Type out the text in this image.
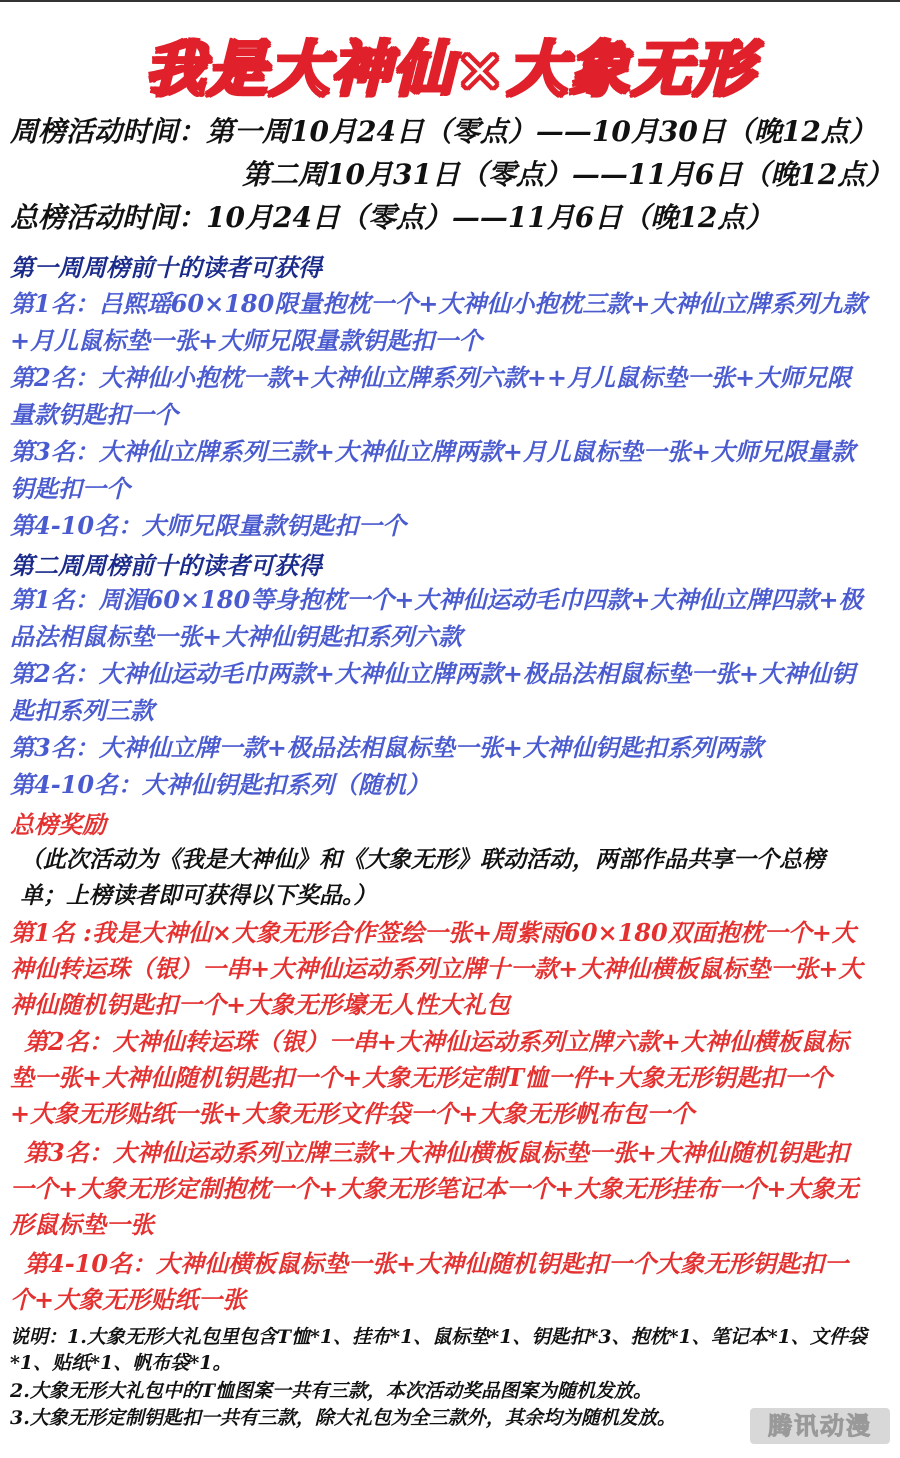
我是大神仙×大象无形
周榜活动时间：第一周10月24日（零点）——10月30日（晚12点）
第二周10月31日（零点）——11月6日（晚12点）
总榜活动时间：10月24日（零点）——11月6日（晚12点）
第一周周榜前十的读者可获得
第1名：吕熙瑶60×180限量抱枕一个+大神仙小抱枕三款+大神仙立牌系列九款+月儿鼠标垫一张+大师兄限量款钥匙扣一个
第2名：大神仙小抱枕一款+大神仙立牌系列六款++月儿鼠标垫一张+大师兄限量款钥匙扣一个
第3名：大神仙立牌系列三款+大神仙立牌两款+月儿鼠标垫一张+大师兄限量款钥匙扣一个
第4-10名：大师兄限量款钥匙扣一个
第二周周榜前十的读者可获得
第1名：周湄60×180等身抱枕一个+大神仙运动毛巾四款+大神仙立牌四款+极品法相鼠标垫一张+大神仙钥匙扣系列六款
第2名：大神仙运动毛巾两款+大神仙立牌两款+极品法相鼠标垫一张+大神仙钥匙扣系列三款
第3名：大神仙立牌一款+极品法相鼠标垫一张+大神仙钥匙扣系列两款
第4-10名：大神仙钥匙扣系列（随机）
总榜奖励
（此次活动为《我是大神仙》和《大象无形》联动活动，两部作品共享一个总榜单；上榜读者即可获得以下奖品。）
第1名 :我是大神仙×大象无形合作签绘一张+周紫雨60×180双面抱枕一个+大神仙转运珠（银）一串+大神仙运动系列立牌十一款+大神仙横板鼠标垫一张+大神仙随机钥匙扣一个+大象无形壕无人性大礼包
第2名：大神仙转运珠（银）一串+大神仙运动系列立牌六款+大神仙横板鼠标垫一张+大神仙随机钥匙扣一个+大象无形定制T恤一件+大象无形钥匙扣一个+大象无形贴纸一张+大象无形文件袋一个+大象无形帆布包一个
第3名：大神仙运动系列立牌三款+大神仙横板鼠标垫一张+大神仙随机钥匙扣一个+大象无形定制抱枕一个+大象无形笔记本一个+大象无形挂布一个+大象无形鼠标垫一张
第4-10名：大神仙横板鼠标垫一张+大神仙随机钥匙扣一个大象无形钥匙扣一个+大象无形贴纸一张
说明：1.大象无形大礼包里包含T恤*1、挂布*1、鼠标垫*1、钥匙扣*3、抱枕*1、笔记本*1、文件袋*1、贴纸*1、帆布袋*1。
2.大象无形大礼包中的T恤图案一共有三款，本次活动奖品图案为随机发放。
3.大象无形定制钥匙扣一共有三款，除大礼包为全三款外，其余均为随机发放。	腾讯动漫
